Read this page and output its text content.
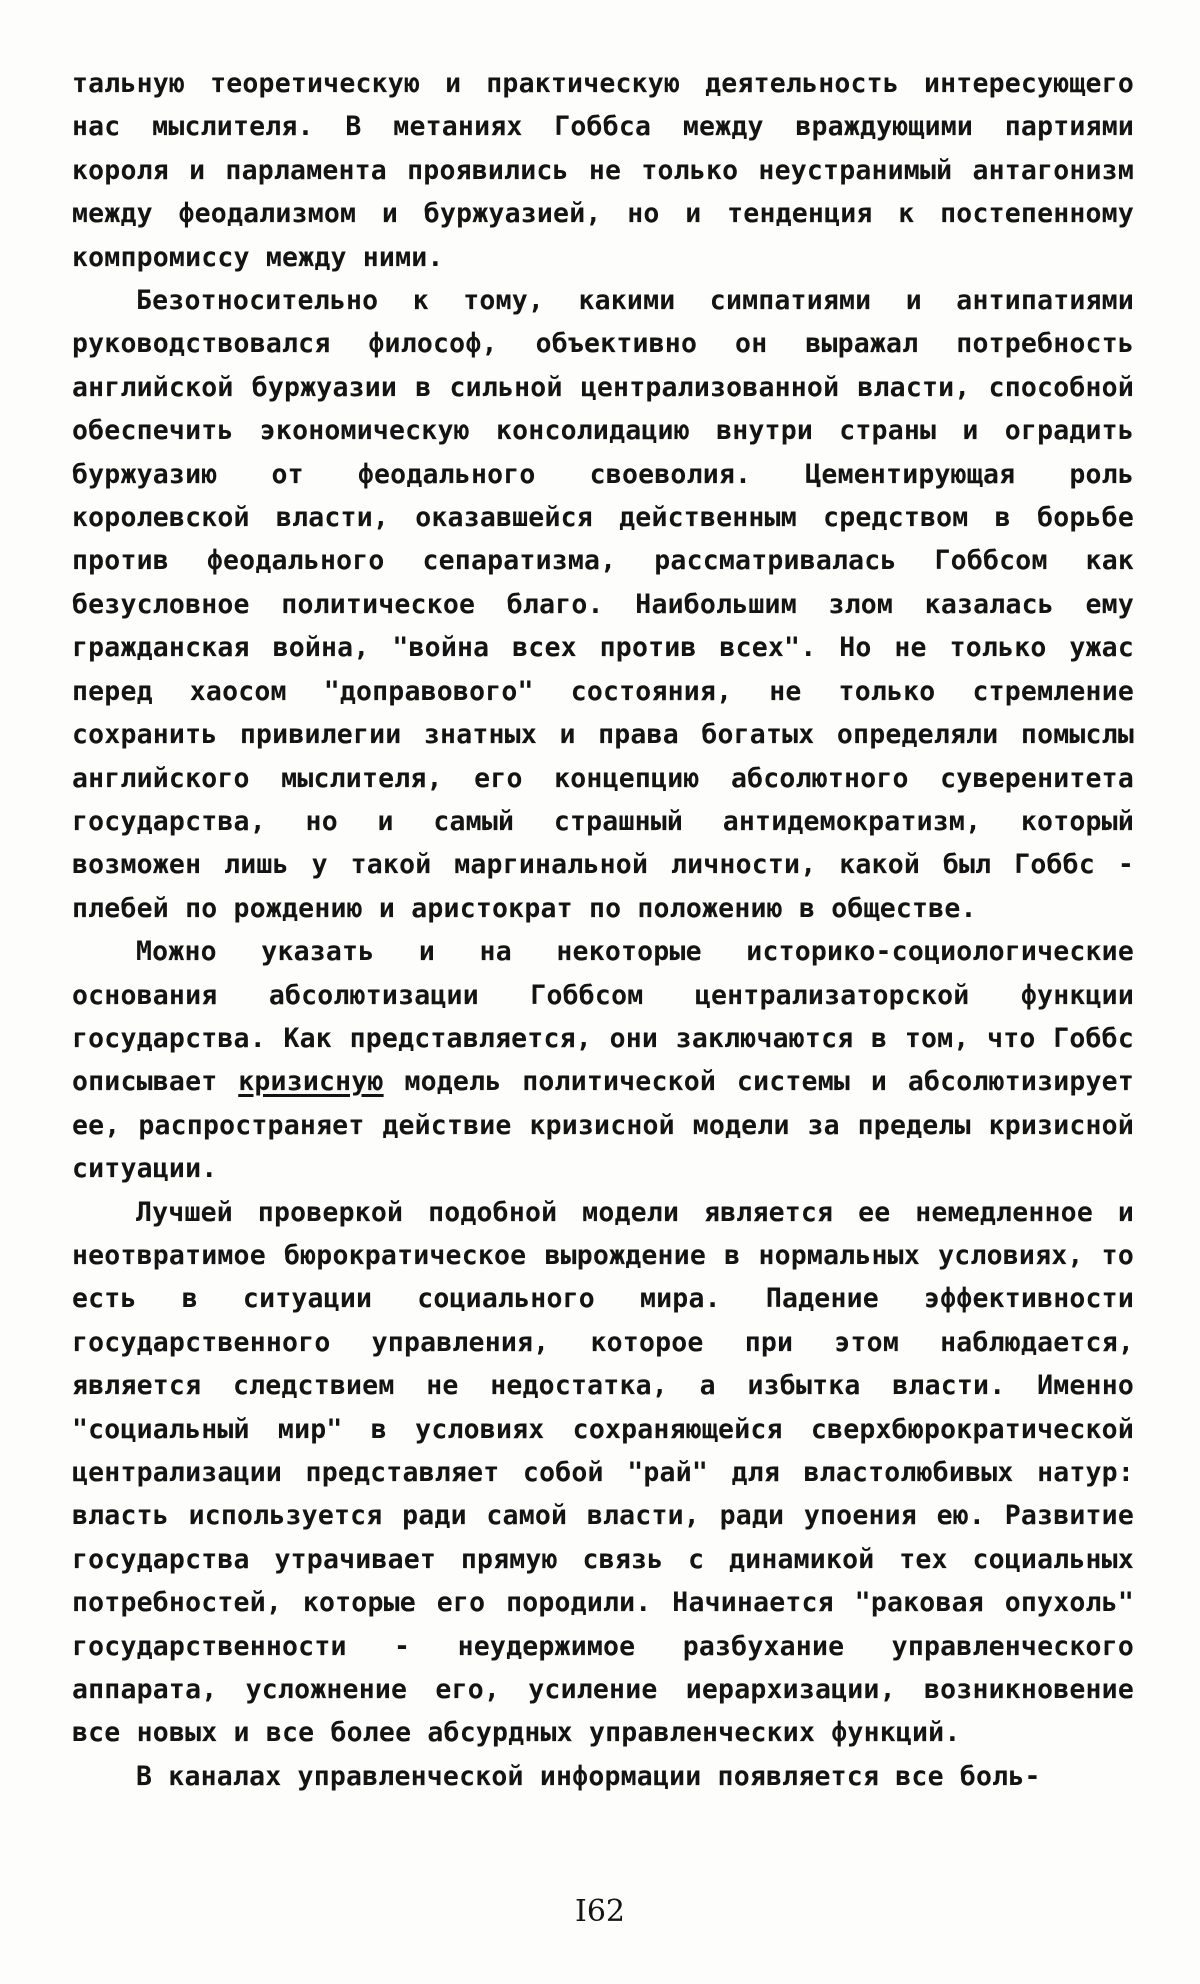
тальную теоретическую и практическую деятельность интересующего нас мыслителя. В метаниях Гоббса между враждующими партиями короля и парламента проявились не только неустранимый антагонизм между феодализмом и буржуазией, но и тенденция к постепенному компромиссу между ними.

Безотносительно к тому, какими симпатиями и антипатиями руководствовался философ, объективно он выражал потребность английской буржуазии в сильной централизованной власти, способной обеспечить экономическую консолидацию внутри страны и оградить буржуазию от феодального своеволия. Цементирующая роль королевской власти, оказавшейся действенным средством в борьбе против феодального сепаратизма, рассматривалась Гоббсом как безусловное политическое благо. Наибольшим злом казалась ему гражданская война, "война всех против всех". Но не только ужас перед хаосом "доправового" состояния, не только стремление сохранить привилегии знатных и права богатых определяли помыслы английского мыслителя, его концепцию абсолютного суверенитета государства, но и самый страшный антидемократизм, который возможен лишь у такой маргинальной личности, какой был Гоббс - плебей по рождению и аристократ по положению в обществе.

Можно указать и на некоторые историко-социологические основания абсолютизации Гоббсом централизаторской функции государства. Как представляется, они заключаются в том, что Гоббс описывает кризисную модель политической системы и абсолютизирует ее, распространяет действие кризисной модели за пределы кризисной ситуации.

Лучшей проверкой подобной модели является ее немедленное и неотвратимое бюрократическое вырождение в нормальных условиях, то есть в ситуации социального мира. Падение эффективности государственного управления, которое при этом наблюдается, является следствием не недостатка, а избытка власти. Именно "социальный мир" в условиях сохраняющейся сверхбюрократической централизации представляет собой "рай" для властолюбивых натур: власть используется ради самой власти, ради упоения ею. Развитие государства утрачивает прямую связь с динамикой тех социальных потребностей, которые его породили. Начинается "раковая опухоль" государственности - неудержимое разбухание управленческого аппарата, усложнение его, усиление иерархизации, возникновение все новых и все более абсурдных управленческих функций.

В каналах управленческой информации появляется все боль-

I62
